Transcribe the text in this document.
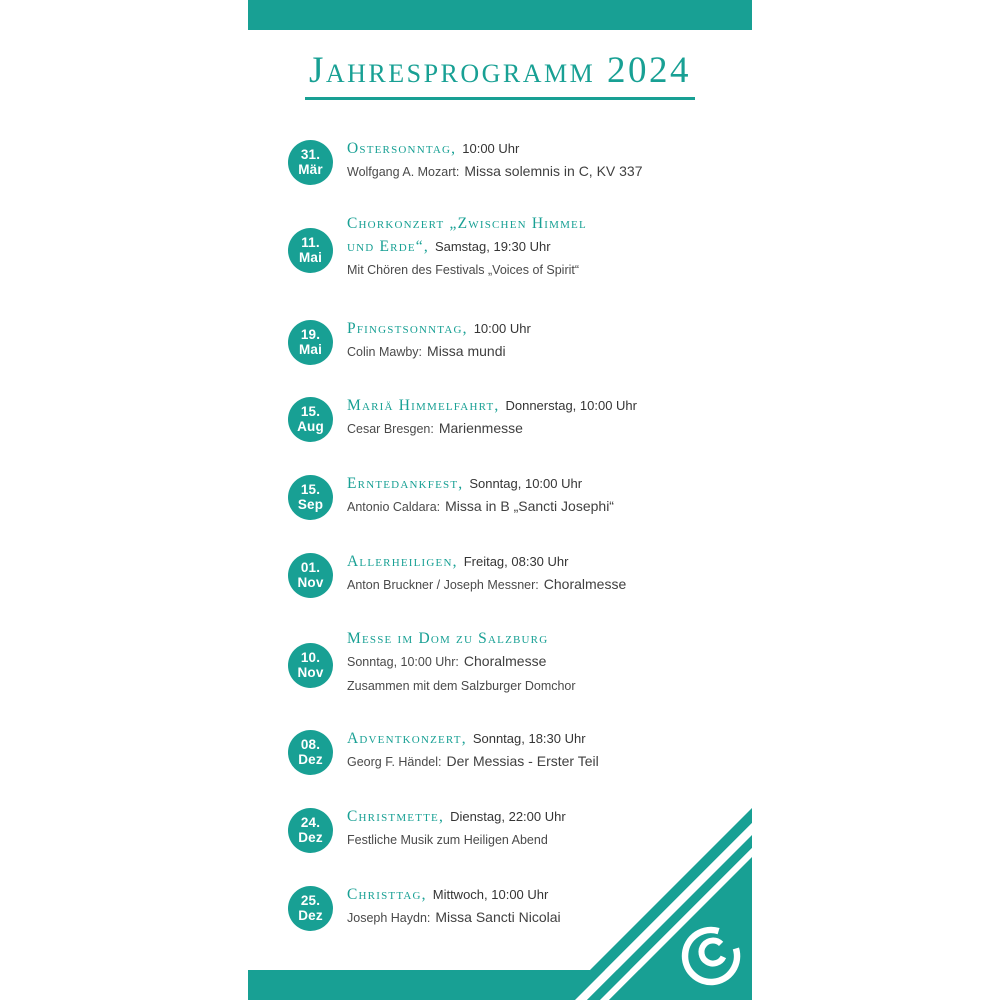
Jahresprogramm 2024
31.
Mär
Ostersonntag, 10:00 Uhr
Wolfgang A. Mozart: Missa solemnis in C, KV 337
11.
Mai
Chorkonzert „Zwischen Himmel
und Erde“, Samstag, 19:30 Uhr
Mit Chören des Festivals „Voices of Spirit“
19.
Mai
Pfingstsonntag, 10:00 Uhr
Colin Mawby: Missa mundi
15.
Aug
Mariä Himmelfahrt, Donnerstag, 10:00 Uhr
Cesar Bresgen: Marienmesse
15.
Sep
Erntedankfest, Sonntag, 10:00 Uhr
Antonio Caldara: Missa in B „Sancti Josephi“
01.
Nov
Allerheiligen, Freitag, 08:30 Uhr
Anton Bruckner / Joseph Messner: Choralmesse
10.
Nov
Messe im Dom zu Salzburg
Sonntag, 10:00 Uhr: Choralmesse
Zusammen mit dem Salzburger Domchor
08.
Dez
Adventkonzert, Sonntag, 18:30 Uhr
Georg F. Händel: Der Messias - Erster Teil
24.
Dez
Christmette, Dienstag, 22:00 Uhr
Festliche Musik zum Heiligen Abend
25.
Dez
Christtag, Mittwoch, 10:00 Uhr
Joseph Haydn: Missa Sancti Nicolai
